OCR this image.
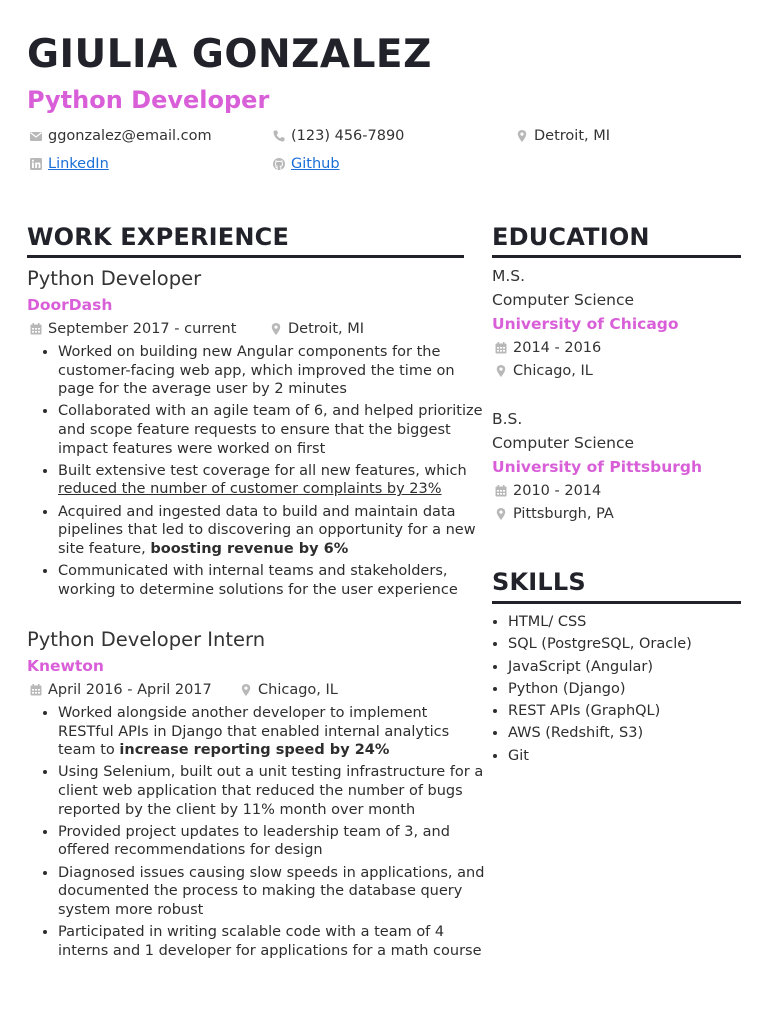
GIULIA GONZALEZ
Python Developer
ggonzalez@email.com	(123) 456-7890	Detroit, MI
LinkedIn	Github
WORK EXPERIENCE
Python Developer
DoorDash
September 2017 - current	Detroit, MI
• Worked on building new Angular components for the customer-facing web app, which improved the time on page for the average user by 2 minutes
• Collaborated with an agile team of 6, and helped prioritize and scope feature requests to ensure that the biggest impact features were worked on first
• Built extensive test coverage for all new features, which reduced the number of customer complaints by 23%
• Acquired and ingested data to build and maintain data pipelines that led to discovering an opportunity for a new site feature, boosting revenue by 6%
• Communicated with internal teams and stakeholders, working to determine solutions for the user experience
Python Developer Intern
Knewton
April 2016 - April 2017	Chicago, IL
• Worked alongside another developer to implement RESTful APIs in Django that enabled internal analytics team to increase reporting speed by 24%
• Using Selenium, built out a unit testing infrastructure for a client web application that reduced the number of bugs reported by the client by 11% month over month
• Provided project updates to leadership team of 3, and offered recommendations for design
• Diagnosed issues causing slow speeds in applications, and documented the process to making the database query system more robust
• Participated in writing scalable code with a team of 4 interns and 1 developer for applications for a math course
EDUCATION
M.S.
Computer Science
University of Chicago
2014 - 2016
Chicago, IL
B.S.
Computer Science
University of Pittsburgh
2010 - 2014
Pittsburgh, PA
SKILLS
• HTML/ CSS
• SQL (PostgreSQL, Oracle)
• JavaScript (Angular)
• Python (Django)
• REST APIs (GraphQL)
• AWS (Redshift, S3)
• Git
